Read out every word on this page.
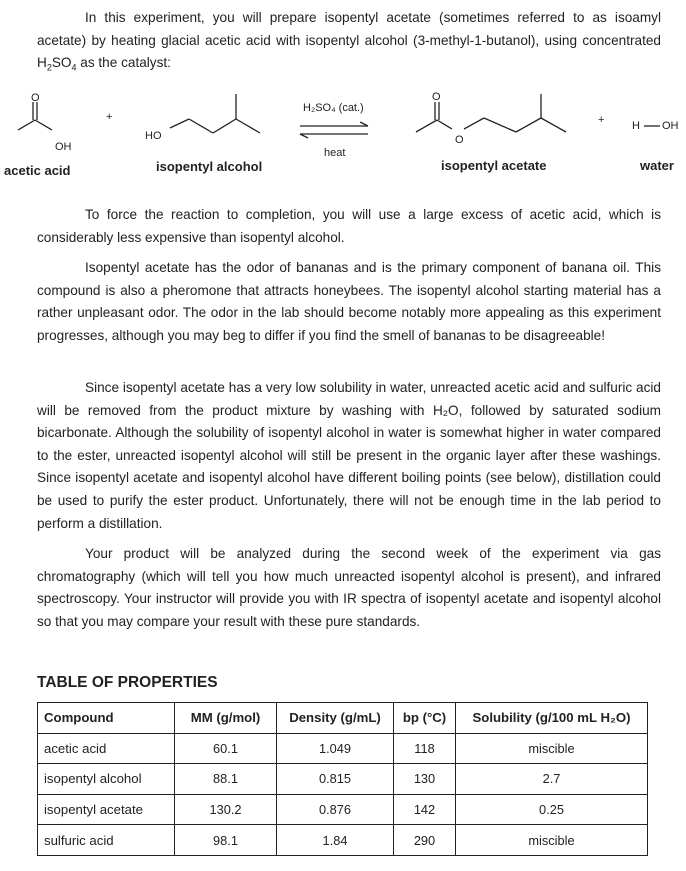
In this experiment, you will prepare isopentyl acetate (sometimes referred to as isoamyl acetate) by heating glacial acetic acid with isopentyl alcohol (3-methyl-1-butanol), using concentrated $H_2SO_4$ as the catalyst:

O
OH
+
HO
H₂SO₄ (cat.)
heat
O
O
+	H OH
acetic acid	isopentyl alcohol	isopentyl acetate	water

To force the reaction to completion, you will use a large excess of acetic acid, which is considerably less expensive than isopentyl alcohol.

Isopentyl acetate has the odor of bananas and is the primary component of banana oil. This compound is also a pheromone that attracts honeybees. The isopentyl alcohol starting material has a rather unpleasant odor. The odor in the lab should become notably more appealing as this experiment progresses, although you may beg to differ if you find the smell of bananas to be disagreeable!

Since isopentyl acetate has a very low solubility in water, unreacted acetic acid and sulfuric acid will be removed from the product mixture by washing with H₂O, followed by saturated sodium bicarbonate. Although the solubility of isopentyl alcohol in water is somewhat higher in water compared to the ester, unreacted isopentyl alcohol will still be present in the organic layer after these washings. Since isopentyl acetate and isopentyl alcohol have different boiling points (see below), distillation could be used to purify the ester product. Unfortunately, there will not be enough time in the lab period to perform a distillation.

Your product will be analyzed during the second week of the experiment via gas chromatography (which will tell you how much unreacted isopentyl alcohol is present), and infrared spectroscopy. Your instructor will provide you with IR spectra of isopentyl acetate and isopentyl alcohol so that you may compare your result with these pure standards.

TABLE OF PROPERTIES
Compound	MM (g/mol)	Density (g/mL)	bp (°C)	Solubility (g/100 mL H₂O)
acetic acid	60.1	1.049	118	miscible
isopentyl alcohol	88.1	0.815	130	2.7
isopentyl acetate	130.2	0.876	142	0.25
sulfuric acid	98.1	1.84	290	miscible
